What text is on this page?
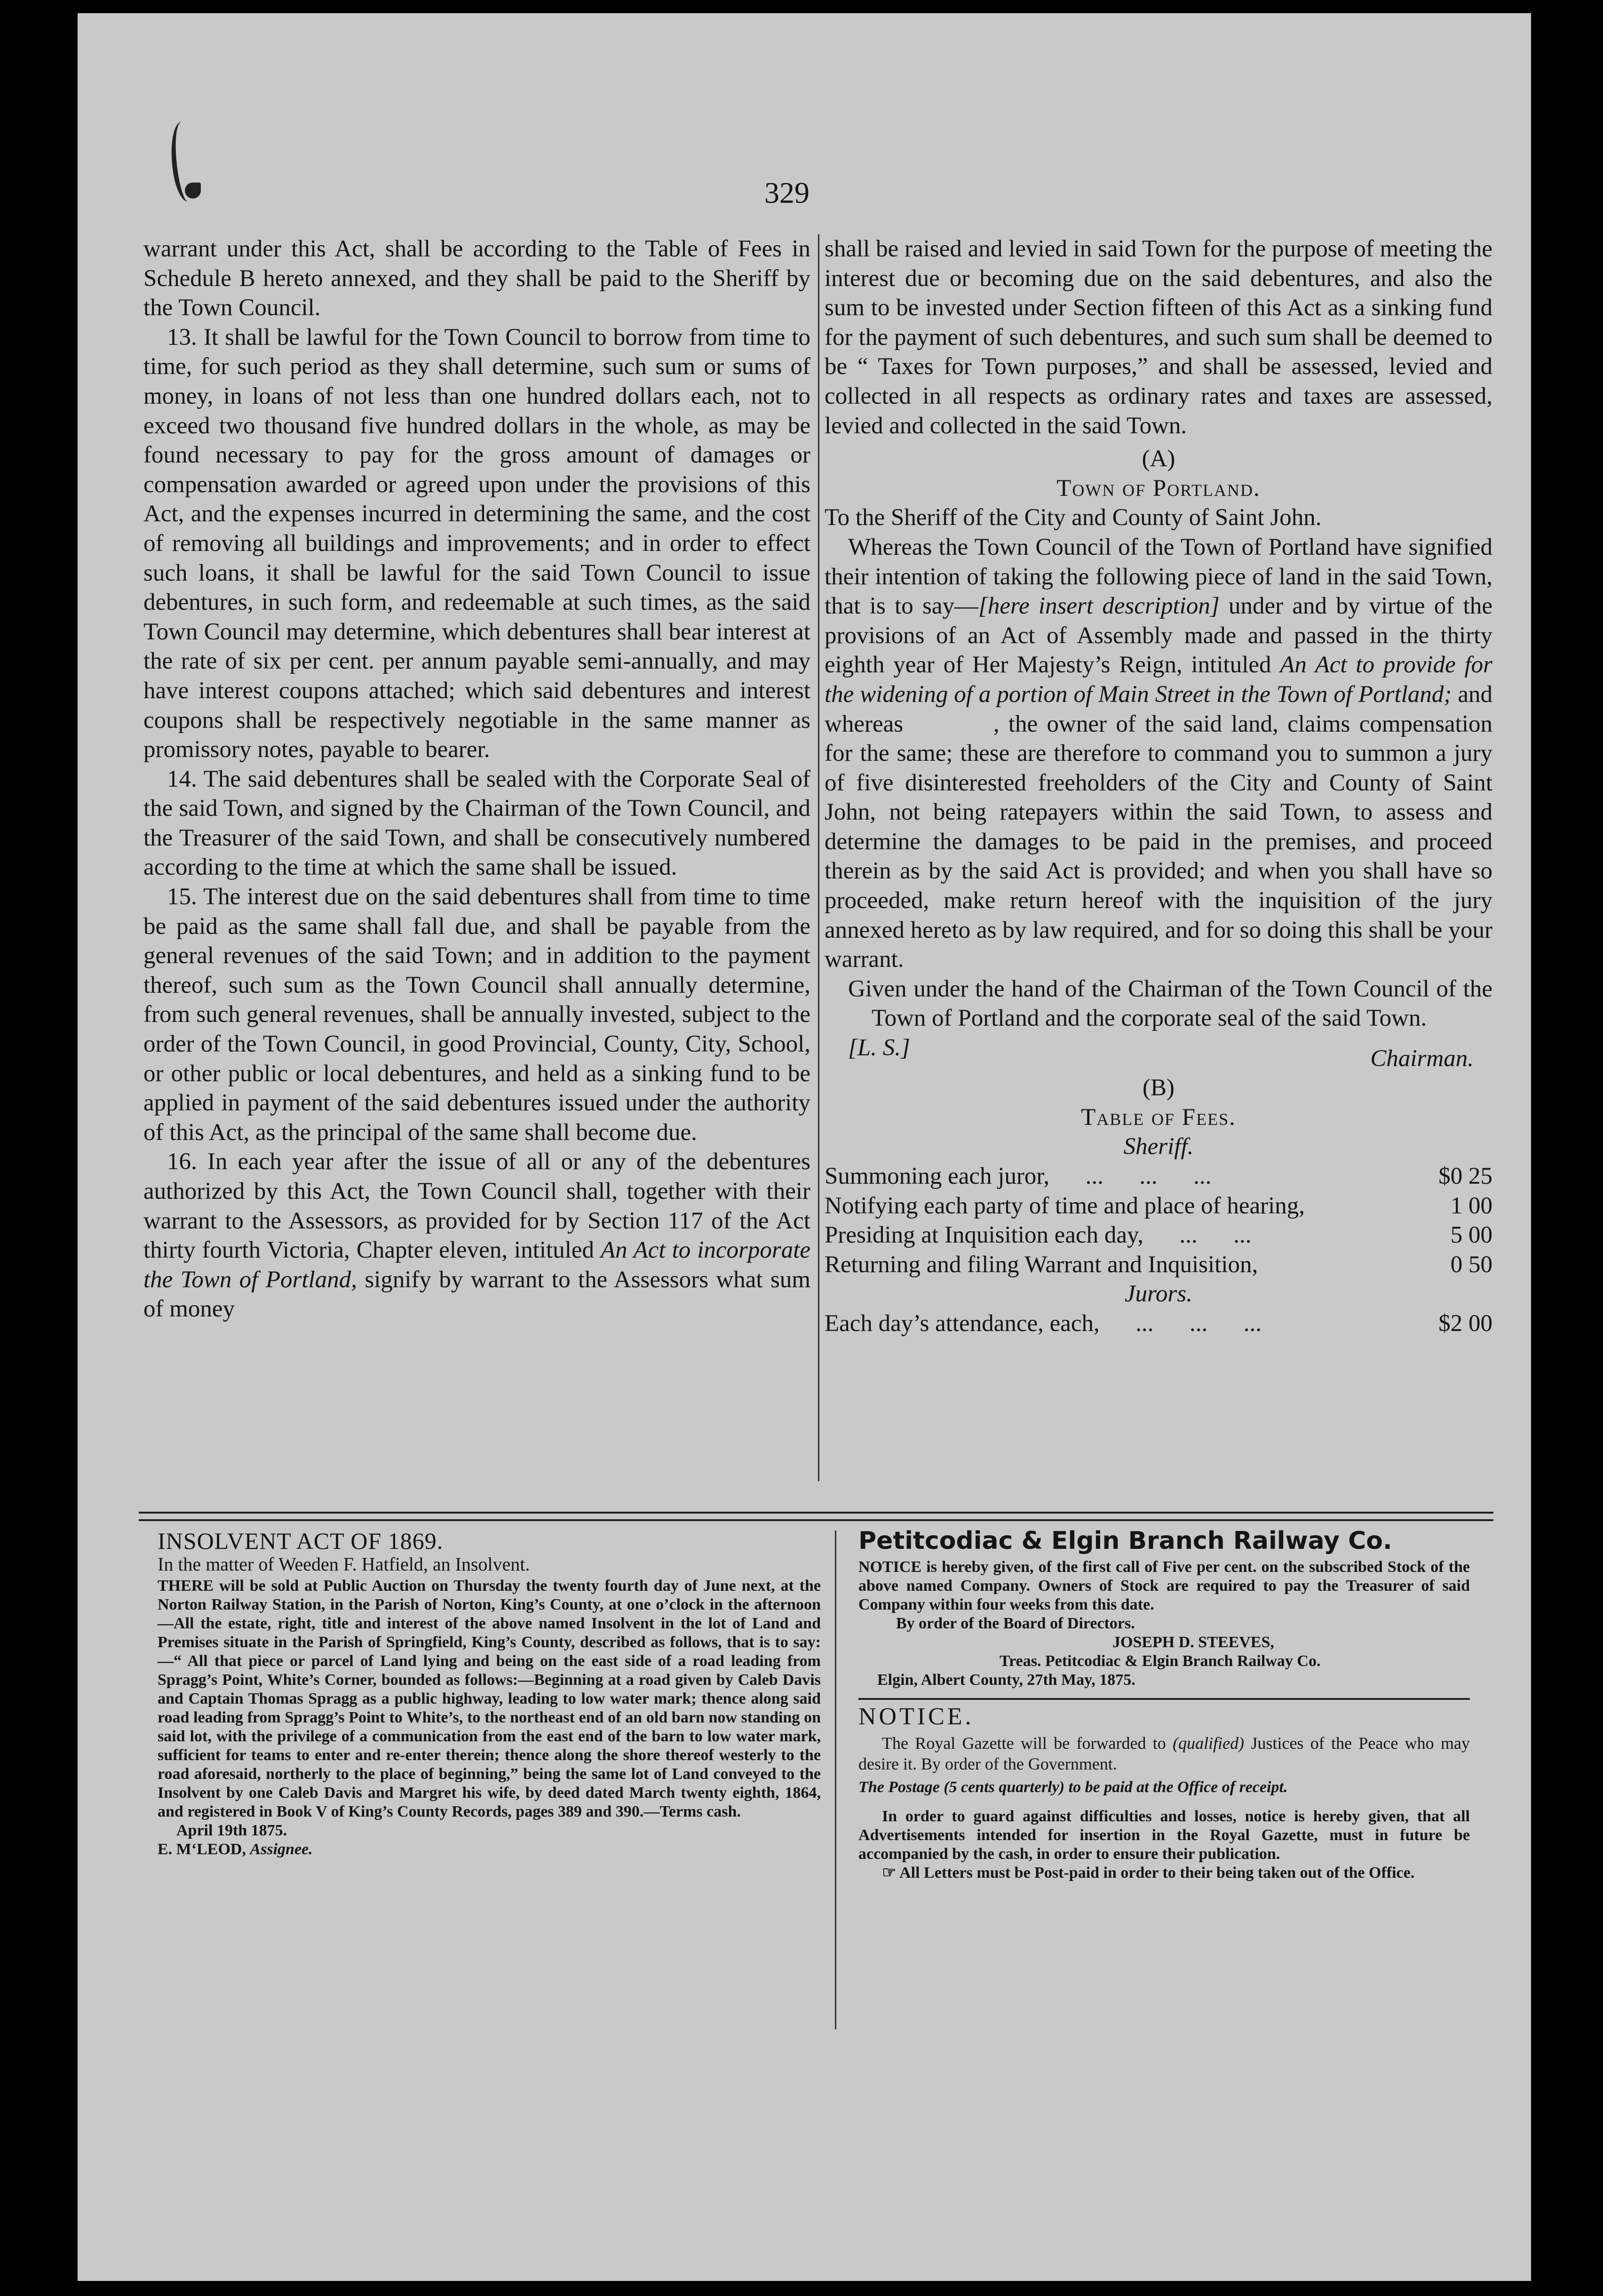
329

warrant under this Act, shall be according to the Table of Fees in Schedule B hereto annexed, and they shall be paid to the Sheriff by the Town Council.

13. It shall be lawful for the Town Council to borrow from time to time, for such period as they shall determine, such sum or sums of money, in loans of not less than one hundred dollars each, not to exceed two thousand five hundred dollars in the whole, as may be found necessary to pay for the gross amount of damages or compensation awarded or agreed upon under the provisions of this Act, and the expenses incurred in determining the same, and the cost of removing all buildings and improvements; and in order to effect such loans, it shall be lawful for the said Town Council to issue debentures, in such form, and redeemable at such times, as the said Town Council may determine, which debentures shall bear interest at the rate of six per cent. per annum payable semi-annually, and may have interest coupons attached; which said debentures and interest coupons shall be respectively negotiable in the same manner as promissory notes, payable to bearer.

14. The said debentures shall be sealed with the Corporate Seal of the said Town, and signed by the Chairman of the Town Council, and the Treasurer of the said Town, and shall be consecutively numbered according to the time at which the same shall be issued.

15. The interest due on the said debentures shall from time to time be paid as the same shall fall due, and shall be payable from the general revenues of the said Town; and in addition to the payment thereof, such sum as the Town Council shall annually determine, from such general revenues, shall be annually invested, subject to the order of the Town Council, in good Provincial, County, City, School, or other public or local debentures, and held as a sinking fund to be applied in payment of the said debentures issued under the authority of this Act, as the principal of the same shall become due.

16. In each year after the issue of all or any of the debentures authorized by this Act, the Town Council shall, together with their warrant to the Assessors, as provided for by Section 117 of the Act thirty fourth Victoria, Chapter eleven, intituled An Act to incorporate the Town of Portland, signify by warrant to the Assessors what sum of money

shall be raised and levied in said Town for the purpose of meeting the interest due or becoming due on the said debentures, and also the sum to be invested under Section fifteen of this Act as a sinking fund for the payment of such debentures, and such sum shall be deemed to be “ Taxes for Town purposes,” and shall be assessed, levied and collected in all respects as ordinary rates and taxes are assessed, levied and collected in the said Town.

(A)

Town of Portland.

To the Sheriff of the City and County of Saint John.

Whereas the Town Council of the Town of Portland have signified their intention of taking the following piece of land in the said Town, that is to say—[here insert description] under and by virtue of the provisions of an Act of Assembly made and passed in the thirty eighth year of Her Majesty’s Reign, intituled An Act to provide for the widening of a portion of Main Street in the Town of Portland; and whereas     , the owner of the said land, claims compensation for the same; these are therefore to command you to summon a jury of five disinterested freeholders of the City and County of Saint John, not being ratepayers within the said Town, to assess and determine the damages to be paid in the premises, and proceed therein as by the said Act is provided; and when you shall have so proceeded, make return hereof with the inquisition of the jury annexed hereto as by law required, and for so doing this shall be your warrant.

Given under the hand of the Chairman of the Town Council of the Town of Portland and the corporate seal of the said Town.

[L. S.]	Chairman.

(B)

Table of Fees.

Sheriff.

Summoning each juror,   ...   ...   ...	$0 25
Notifying each party of time and place of hearing,	1 00
Presiding at Inquisition each day,   ...   ...	5 00
Returning and filing Warrant and Inquisition,	0 50

Jurors.

Each day’s attendance, each,   ...   ...   ...	$2 00

INSOLVENT ACT OF 1869.

In the matter of Weeden F. Hatfield, an Insolvent.

THERE will be sold at Public Auction on Thursday the twenty fourth day of June next, at the Norton Railway Station, in the Parish of Norton, King’s County, at one o’clock in the afternoon—All the estate, right, title and interest of the above named Insolvent in the lot of Land and Premises situate in the Parish of Springfield, King’s County, described as follows, that is to say:—“ All that piece or parcel of Land lying and being on the east side of a road leading from Spragg’s Point, White’s Corner, bounded as follows:—Beginning at a road given by Caleb Davis and Captain Thomas Spragg as a public highway, leading to low water mark; thence along said road leading from Spragg’s Point to White’s, to the northeast end of an old barn now standing on said lot, with the privilege of a communication from the east end of the barn to low water mark, sufficient for teams to enter and re-enter therein; thence along the shore thereof westerly to the road aforesaid, northerly to the place of beginning,” being the same lot of Land conveyed to the Insolvent by one Caleb Davis and Margret his wife, by deed dated March twenty eighth, 1864, and registered in Book V of King’s County Records, pages 389 and 390.—Terms cash.

April 19th 1875.

E. M‘LEOD, Assignee.

Petitcodiac & Elgin Branch Railway Co.

NOTICE is hereby given, of the first call of Five per cent. on the subscribed Stock of the above named Company. Owners of Stock are required to pay the Treasurer of said Company within four weeks from this date.

By order of the Board of Directors.

JOSEPH D. STEEVES,

Treas. Petitcodiac & Elgin Branch Railway Co.

Elgin, Albert County, 27th May, 1875.

NOTICE.

The Royal Gazette will be forwarded to (qualified) Justices of the Peace who may desire it. By order of the Government.

The Postage (5 cents quarterly) to be paid at the Office of receipt.

In order to guard against difficulties and losses, notice is hereby given, that all Advertisements intended for insertion in the Royal Gazette, must in future be accompanied by the cash, in order to ensure their publication.

☞ All Letters must be Post-paid in order to their being taken out of the Office.
